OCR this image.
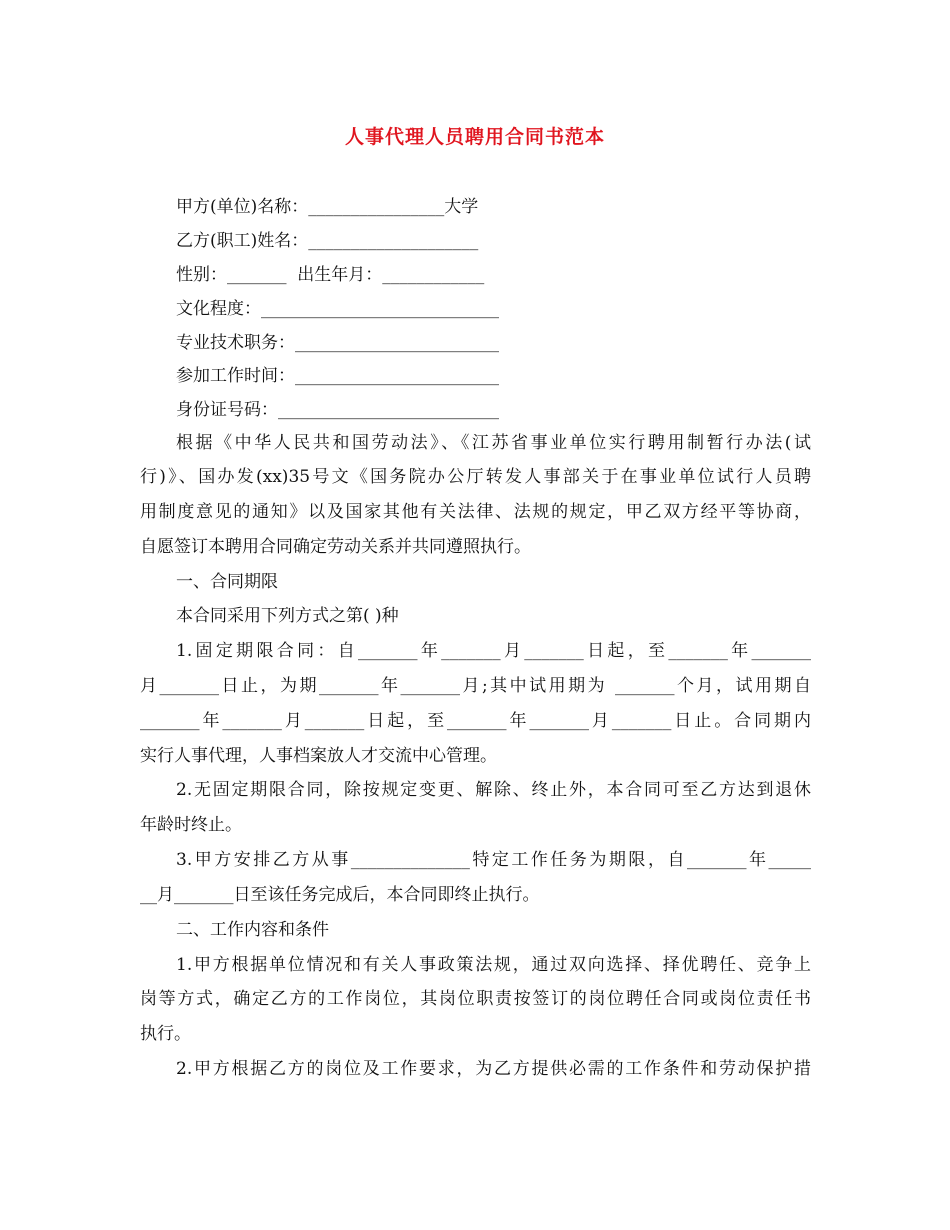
人事代理人员聘用合同书范本
甲方(单位)名称：________________大学
乙方(职工)姓名：____________________
性别：_______  出生年月：____________
文化程度：____________________________
专业技术职务：________________________
参加工作时间：________________________
身份证号码：__________________________
根据《中华人民共和国劳动法》、《江苏省事业单位实行聘用制暂行办法(试
行)》、国办发(xx)35号文《国务院办公厅转发人事部关于在事业单位试行人员聘
用制度意见的通知》以及国家其他有关法律、法规的规定，甲乙双方经平等协商，
自愿签订本聘用合同确定劳动关系并共同遵照执行。
一、合同期限
本合同采用下列方式之第( )种
1.固定期限合同：自_______年_______月_______日起，至_______年_______
月_______日止，为期_______年_______月;其中试用期为 _______个月，试用期自
_______年_______月_______日起，至_______年_______月_______日止。合同期内
实行人事代理，人事档案放人才交流中心管理。
2.无固定期限合同，除按规定变更、解除、终止外，本合同可至乙方达到退休
年龄时终止。
3.甲方安排乙方从事______________特定工作任务为期限，自_______年_____
__月_______日至该任务完成后，本合同即终止执行。
二、工作内容和条件
1.甲方根据单位情况和有关人事政策法规，通过双向选择、择优聘任、竞争上
岗等方式，确定乙方的工作岗位，其岗位职责按签订的岗位聘任合同或岗位责任书
执行。
2.甲方根据乙方的岗位及工作要求，为乙方提供必需的工作条件和劳动保护措
